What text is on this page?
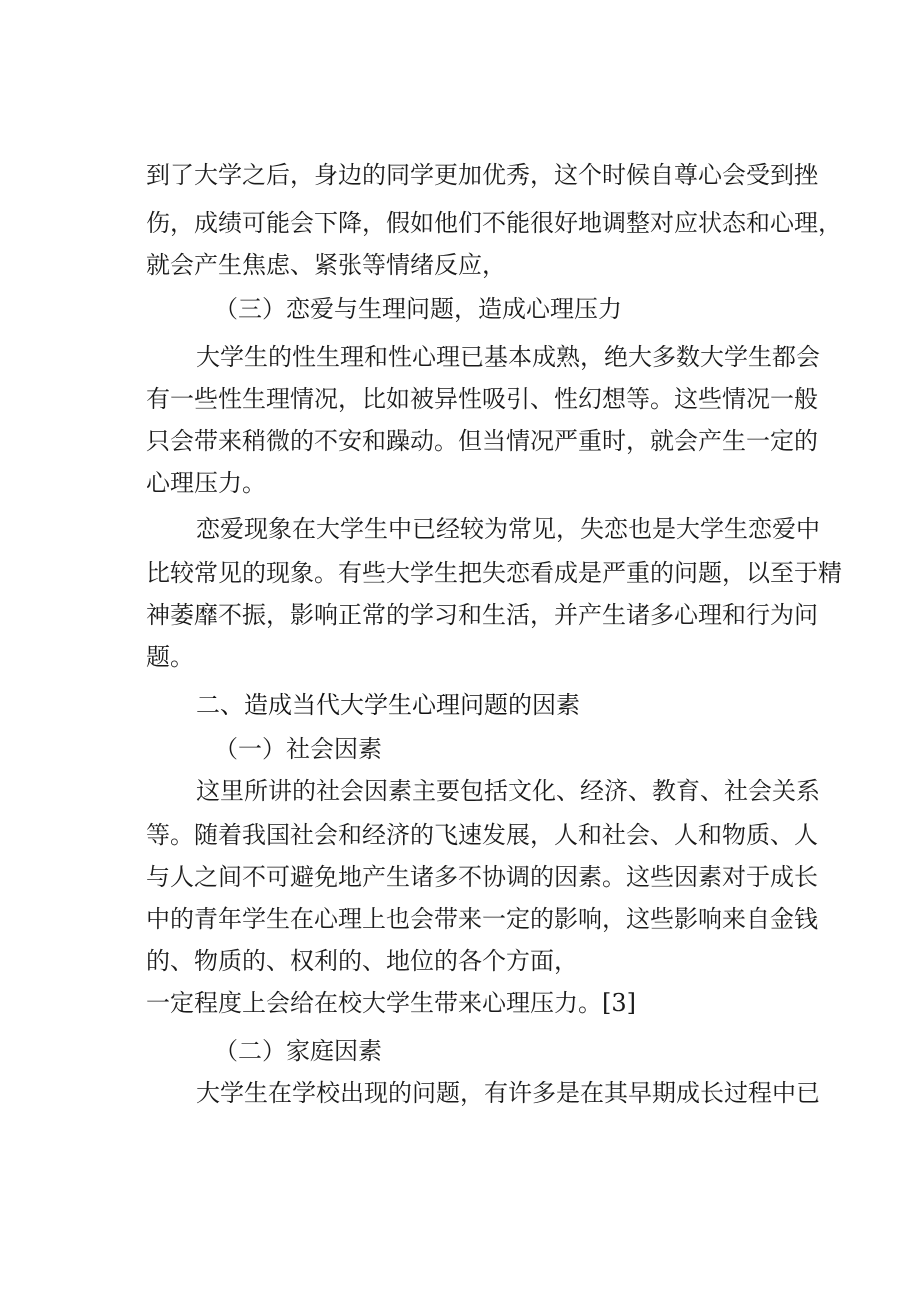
到了大学之后，身边的同学更加优秀，这个时候自尊心会受到挫
伤，成绩可能会下降，假如他们不能很好地调整对应状态和心理，
就会产生焦虑、紧张等情绪反应，
（三）恋爱与生理问题，造成心理压力
大学生的性生理和性心理已基本成熟，绝大多数大学生都会
有一些性生理情况，比如被异性吸引、性幻想等。这些情况一般
只会带来稍微的不安和躁动。但当情况严重时，就会产生一定的
心理压力。
恋爱现象在大学生中已经较为常见，失恋也是大学生恋爱中
比较常见的现象。有些大学生把失恋看成是严重的问题，以至于精
神萎靡不振，影响正常的学习和生活，并产生诸多心理和行为问
题。
二、造成当代大学生心理问题的因素
（一）社会因素
这里所讲的社会因素主要包括文化、经济、教育、社会关系
等。随着我国社会和经济的飞速发展，人和社会、人和物质、人
与人之间不可避免地产生诸多不协调的因素。这些因素对于成长
中的青年学生在心理上也会带来一定的影响，这些影响来自金钱
的、物质的、权利的、地位的各个方面，
一定程度上会给在校大学生带来心理压力。[3]
（二）家庭因素
大学生在学校出现的问题，有许多是在其早期成长过程中已
